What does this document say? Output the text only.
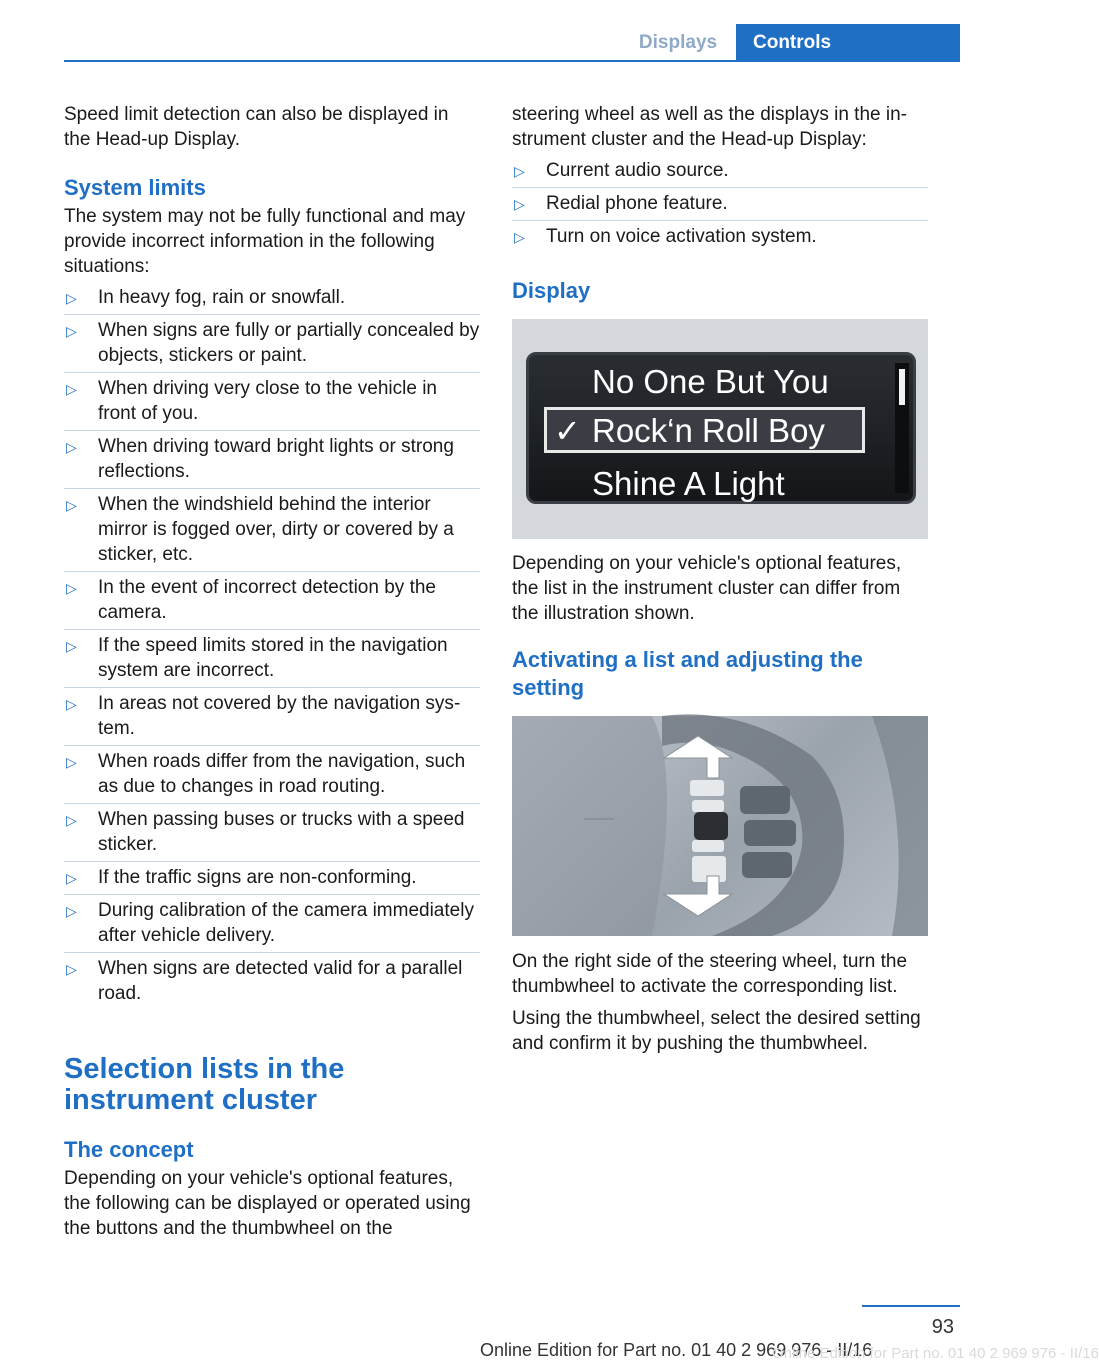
Displays	Controls

Speed limit detection can also be displayed in the Head-up Display.

System limits

The system may not be fully functional and may provide incorrect information in the following situations:

▷ In heavy fog, rain or snowfall.
▷ When signs are fully or partially concealed by objects, stickers or paint.
▷ When driving very close to the vehicle in front of you.
▷ When driving toward bright lights or strong reflections.
▷ When the windshield behind the interior mirror is fogged over, dirty or covered by a sticker, etc.
▷ In the event of incorrect detection by the camera.
▷ If the speed limits stored in the navigation system are incorrect.
▷ In areas not covered by the navigation system.
▷ When roads differ from the navigation, such as due to changes in road routing.
▷ When passing buses or trucks with a speed sticker.
▷ If the traffic signs are non-conforming.
▷ During calibration of the camera immediately after vehicle delivery.
▷ When signs are detected valid for a parallel road.
Selection lists in the instrument cluster
The concept

Depending on your vehicle's optional features, the following can be displayed or operated using the buttons and the thumbwheel on the

steering wheel as well as the displays in the instrument cluster and the Head-up Display:

▷ Current audio source.
▷ Redial phone feature.
▷ Turn on voice activation system.
Display
No One But You
✓ Rock‘n Roll Boy
Shine A Light

Depending on your vehicle's optional features, the list in the instrument cluster can differ from the illustration shown.

Activating a list and adjusting the setting

On the right side of the steering wheel, turn the thumbwheel to activate the corresponding list.

Using the thumbwheel, select the desired setting and confirm it by pushing the thumbwheel.

93
Online Edition for Part no. 01 40 2 969 976 - II/16
Online Edition for Part no. 01 40 2 969 976 - II/16
